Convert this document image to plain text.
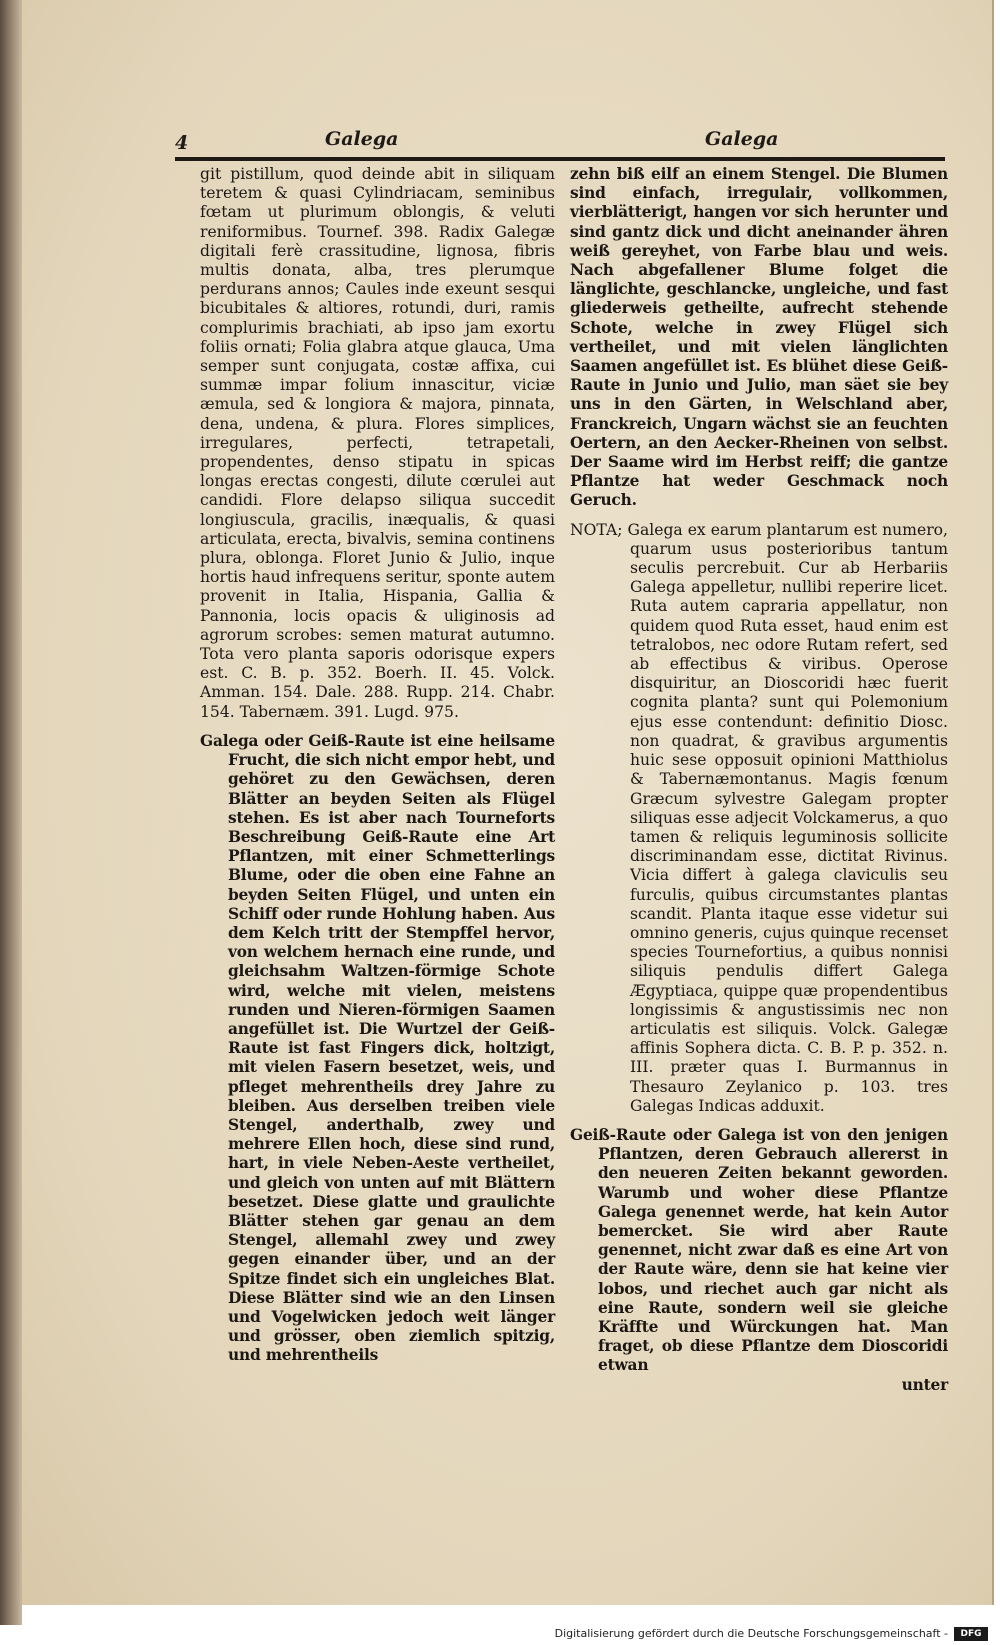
4	Galega	Galega

git pistillum, quod deinde abit in siliquam teretem & quasi Cylindriacam, seminibus fœtam ut plurimum oblongis, & veluti reniformibus. Tournef. 398. Radix Galegæ digitali ferè crassitudine, lignosa, fibris multis donata, alba, tres plerumque perdurans annos; Caules inde exeunt sesqui bicubitales & altiores, rotundi, duri, ramis complurimis brachiati, ab ipso jam exortu foliis ornati; Folia glabra atque glauca, Uma semper sunt conjugata, costæ affixa, cui summæ impar folium innascitur, viciæ æmula, sed & longiora & majora, pinnata, dena, undena, & plura. Flores simplices, irregulares, perfecti, tetrapetali, propendentes, denso stipatu in spicas longas erectas congesti, dilute cœrulei aut candidi. Flore delapso siliqua succedit longiuscula, gracilis, inæqualis, & quasi articulata, erecta, bivalvis, semina continens plura, oblonga. Floret Junio & Julio, inque hortis haud infrequens seritur, sponte autem provenit in Italia, Hispania, Gallia & Pannonia, locis opacis & uliginosis ad agrorum scrobes: semen maturat autumno. Tota vero planta saporis odorisque expers est. C. B. p. 352. Boerh. II. 45. Volck. Amman. 154. Dale. 288. Rupp. 214. Chabr. 154. Tabernæm. 391. Lugd. 975.

Galega oder Geiß-Raute ist eine heilsame Frucht, die sich nicht empor hebt, und gehöret zu den Gewächsen, deren Blätter an beyden Seiten als Flügel stehen. Es ist aber nach Tourneforts Beschreibung Geiß-Raute eine Art Pflantzen, mit einer Schmetterlings Blume, oder die oben eine Fahne an beyden Seiten Flügel, und unten ein Schiff oder runde Hohlung haben. Aus dem Kelch tritt der Stempffel hervor, von welchem hernach eine runde, und gleichsahm Waltzen-förmige Schote wird, welche mit vielen, meistens runden und Nieren-förmigen Saamen angefüllet ist. Die Wurtzel der Geiß-Raute ist fast Fingers dick, holtzigt, mit vielen Fasern besetzet, weis, und pfleget mehrentheils drey Jahre zu bleiben. Aus derselben treiben viele Stengel, anderthalb, zwey und mehrere Ellen hoch, diese sind rund, hart, in viele Neben-Aeste vertheilet, und gleich von unten auf mit Blättern besetzet. Diese glatte und graulichte Blätter stehen gar genau an dem Stengel, allemahl zwey und zwey gegen einander über, und an der Spitze findet sich ein ungleiches Blat. Diese Blätter sind wie an den Linsen und Vogelwicken jedoch weit länger und grösser, oben ziemlich spitzig, und mehrentheils

zehn biß eilf an einem Stengel. Die Blumen sind einfach, irregulair, vollkommen, vierblätterigt, hangen vor sich herunter und sind gantz dick und dicht aneinander ähren weiß gereyhet, von Farbe blau und weis. Nach abgefallener Blume folget die länglichte, geschlancke, ungleiche, und fast gliederweis getheilte, aufrecht stehende Schote, welche in zwey Flügel sich vertheilet, und mit vielen länglichten Saamen angefüllet ist. Es blühet diese Geiß-Raute in Junio und Julio, man säet sie bey uns in den Gärten, in Welschland aber, Franckreich, Ungarn wächst sie an feuchten Oertern, an den Aecker-Rheinen von selbst. Der Saame wird im Herbst reiff; die gantze Pflantze hat weder Geschmack noch Geruch.

NOTA; Galega ex earum plantarum est numero, quarum usus posterioribus tantum seculis percrebuit. Cur ab Herbariis Galega appelletur, nullibi reperire licet. Ruta autem capraria appellatur, non quidem quod Ruta esset, haud enim est tetralobos, nec odore Rutam refert, sed ab effectibus & viribus. Operose disquiritur, an Dioscoridi hæc fuerit cognita planta? sunt qui Polemonium ejus esse contendunt: definitio Diosc. non quadrat, & gravibus argumentis huic sese opposuit opinioni Matthiolus & Tabernæmontanus. Magis fœnum Græcum sylvestre Galegam propter siliquas esse adjecit Volckamerus, a quo tamen & reliquis leguminosis sollicite discriminandam esse, dictitat Rivinus. Vicia differt à galega claviculis seu furculis, quibus circumstantes plantas scandit. Planta itaque esse videtur sui omnino generis, cujus quinque recenset species Tournefortius, a quibus nonnisi siliquis pendulis differt Galega Ægyptiaca, quippe quæ propendentibus longissimis & angustissimis nec non articulatis est siliquis. Volck. Galegæ affinis Sophera dicta. C. B. P. p. 352. n. III. præter quas I. Burmannus in Thesauro Zeylanico p. 103. tres Galegas Indicas adduxit.

Geiß-Raute oder Galega ist von den jenigen Pflantzen, deren Gebrauch allererst in den neueren Zeiten bekannt geworden. Warumb und woher diese Pflantze Galega genennet werde, hat kein Autor bemercket. Sie wird aber Raute genennet, nicht zwar daß es eine Art von der Raute wäre, denn sie hat keine vier lobos, und riechet auch gar nicht als eine Raute, sondern weil sie gleiche Kräffte und Würckungen hat. Man fraget, ob diese Pflantze dem Dioscoridi etwan

unter

Digitalisierung gefördert durch die Deutsche Forschungsgemeinschaft -	DFG
